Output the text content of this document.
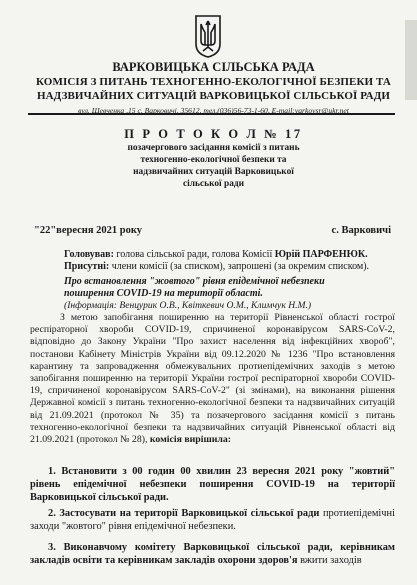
ВАРКОВИЦЬКА СІЛЬСЬКА РАДА
КОМІСІЯ З ПИТАНЬ ТЕХНОГЕННО-ЕКОЛОГІЧНОЇ БЕЗПЕКИ ТА
НАДЗВИЧАЙНИХ СИТУАЦІЙ ВАРКОВИЦЬКОЇ СІЛЬСЬКОЇ РАДИ
вул. Шевченка ,15 с. Варковичі, 35612, тел.(036)56-73-1-60, E-mail:varkovsr@ukr.net
П Р О Т О К О Л № 17
позачергового засідання комісії з питань
техногенно-екологічної безпеки та
надзвичайних ситуацій Варковицької
сільської ради
"22"вересня 2021 року	с. Варковичі
Головував: голова сільської ради, голова Комісії Юрій ПАРФЕНЮК.
Присутні: члени комісії (за списком), запрошені (за окремим списком).
Про встановлення "жовтого" рівня епідемічної небезпеки
поширення COVID-19 на території області.
(Інформація: Венцурик О.В., Квіткевич О.М., Климчук Н.М.)

З метою запобігання поширенню на території Рівненської області гострої респіраторної хвороби COVID-19, спричиненої коронавірусом SARS-CoV-2, відповідно до Закону України "Про захист населення від інфекційних хвороб", постанови Кабінету Міністрів України від 09.12.2020 № 1236 "Про встановлення карантину та запровадження обмежувальних протиепідемічних заходів з метою запобігання поширенню на території України гострої респіраторної хвороби COVID-19, спричиненої коронавірусом SARS-CoV-2" (зі змінами), на виконання рішення Державної комісії з питань техногенно-екологічної безпеки та надзвичайних ситуацій від 21.09.2021 (протокол № 35) та позачергового засідання комісії з питань техногенно-екологічної безпеки та надзвичайних ситуацій Рівненської області від 21.09.2021 (протокол № 28), комісія вирішила:

1. Встановити з 00 годин 00 хвилин 23 вересня 2021 року "жовтий" рівень епідемічної небезпеки поширення COVID-19 на території Варковицької сільської ради.

2. Застосувати на території Варковицької сільської ради протиепідемічні заходи "жовтого" рівня епідемічної небезпеки.

3. Виконавчому комітету Варковицької сільської ради, керівникам закладів освіти та керівникам закладів охорони здоров'я вжити заходів
